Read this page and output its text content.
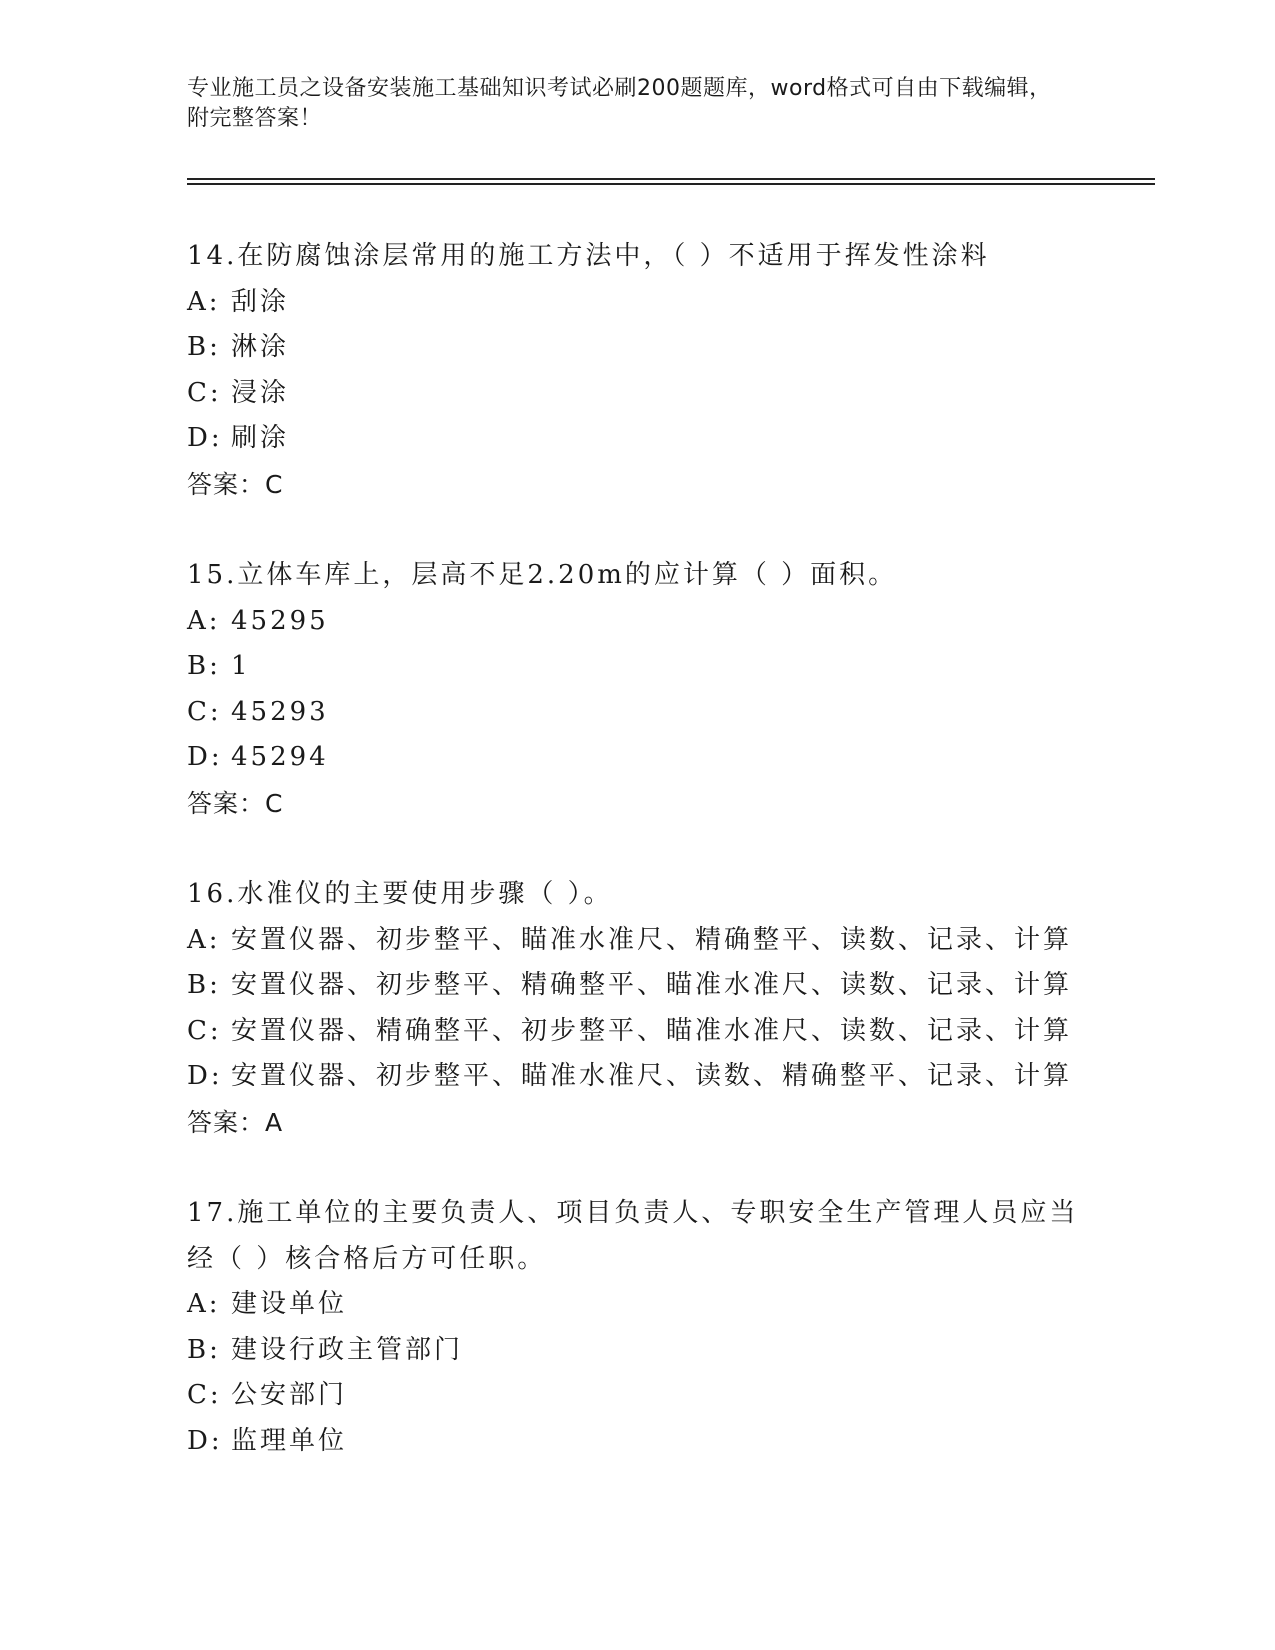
专业施工员之设备安装施工基础知识考试必刷200题题库，word格式可自由下载编辑，附完整答案！
14.在防腐蚀涂层常用的施工方法中，（ ）不适用于挥发性涂料
A: 刮涂
B: 淋涂
C: 浸涂
D: 刷涂
答案：C
15.立体车库上，层高不足2.20m的应计算（ ）面积。
A: 45295
B: 1
C: 45293
D: 45294
答案：C
16.水准仪的主要使用步骤（ ）。
A: 安置仪器、初步整平、瞄准水准尺、精确整平、读数、记录、计算
B: 安置仪器、初步整平、精确整平、瞄准水准尺、读数、记录、计算
C: 安置仪器、精确整平、初步整平、瞄准水准尺、读数、记录、计算
D: 安置仪器、初步整平、瞄准水准尺、读数、精确整平、记录、计算
答案：A
17.施工单位的主要负责人、项目负责人、专职安全生产管理人员应当经（ ）核合格后方可任职。
A: 建设单位
B: 建设行政主管部门
C: 公安部门
D: 监理单位
